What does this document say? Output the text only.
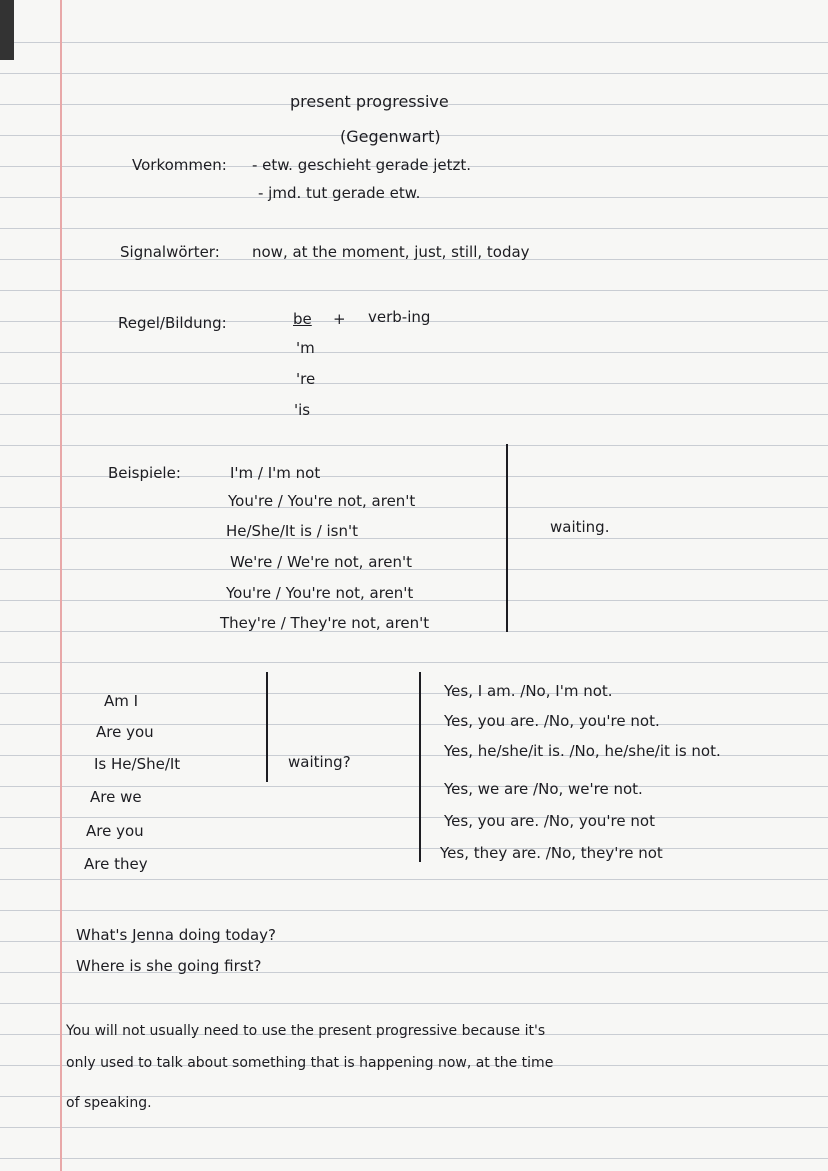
present progressive
(Gegenwart)
Vorkommen: - etw. geschieht gerade jetzt.
- jmd. tut gerade etw.
Signalwörter: now, at the moment, just, still, today
Regel/Bildung:	be + verb-ing
'm
're
'is
Beispiele:	I'm / I'm not
You're / You're not, aren't
He/She/It is / isn't
We're / We're not, aren't
You're / You're not, aren't
They're / They're not, aren't
waiting.
Am I
Are you
Is He/She/It
Are we
Are you
Are they
waiting?
Yes, I am. /No, I'm not.
Yes, you are. /No, you're not.
Yes, he/she/it is. /No, he/she/it is not.
Yes, we are /No, we're not.
Yes, you are. /No, you're not
Yes, they are. /No, they're not
What's Jenna doing today?
Where is she going first?
You will not usually need to use the present progressive because it's
only used to talk about something that is happening now, at the time
of speaking.
